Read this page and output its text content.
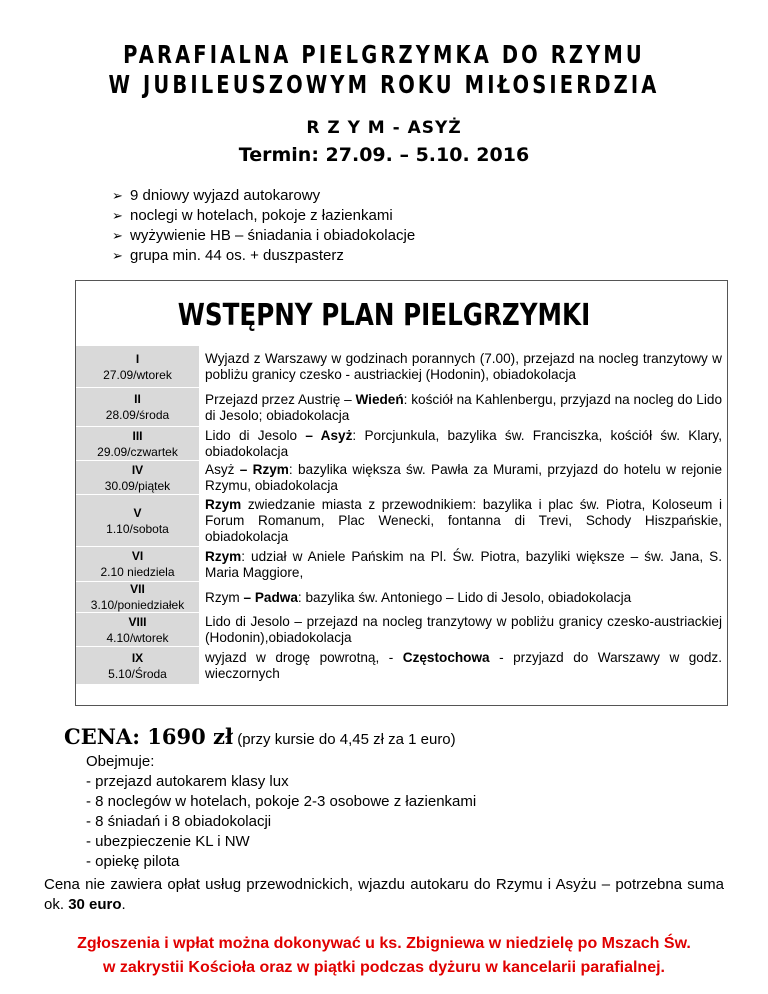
PARAFIALNA PIELGRZYMKA DO RZYMU
W JUBILEUSZOWYM ROKU MIŁOSIERDZIA
R Z Y M - ASYŻ
Termin: 27.09. – 5.10. 2016
➢ 9 dniowy wyjazd autokarowy
➢ noclegi w hotelach, pokoje z łazienkami
➢ wyżywienie HB – śniadania i obiadokolacje
➢ grupa min. 44 os. + duszpasterz
WSTĘPNY PLAN PIELGRZYMKI
I
27.09/wtorek
II
28.09/środa
III
29.09/czwartek
IV
30.09/piątek
V
1.10/sobota
VI
2.10 niedziela
VII
3.10/poniedziałek
VIII
4.10/wtorek
IX
5.10/Środa
Wyjazd z Warszawy w godzinach porannych (7.00), przejazd na nocleg tranzytowy w pobliżu granicy czesko - austriackiej (Hodonin), obiadokolacja
Przejazd przez Austrię – Wiedeń: kościół na Kahlenbergu, przyjazd na nocleg do Lido di Jesolo; obiadokolacja
Lido di Jesolo – Asyż: Porcjunkula, bazylika św. Franciszka, kościół św. Klary, obiadokolacja
Asyż – Rzym: bazylika większa św. Pawła za Murami, przyjazd do hotelu w rejonie Rzymu, obiadokolacja
Rzym zwiedzanie miasta z przewodnikiem: bazylika i plac św. Piotra, Koloseum i Forum Romanum, Plac Wenecki, fontanna di Trevi, Schody Hiszpańskie, obiadokolacja
Rzym: udział w Aniele Pańskim na Pl. Św. Piotra, bazyliki większe – św. Jana, S. Maria Maggiore,
Rzym – Padwa: bazylika św. Antoniego – Lido di Jesolo, obiadokolacja
Lido di Jesolo – przejazd na nocleg tranzytowy w pobliżu granicy czesko-austriackiej (Hodonin),obiadokolacja
wyjazd w drogę powrotną, - Częstochowa - przyjazd do Warszawy w godz. wieczornych
CENA: 1690 zł (przy kursie do 4,45 zł za 1 euro)
Obejmuje:
- przejazd autokarem klasy lux
- 8 noclegów w hotelach, pokoje 2-3 osobowe z łazienkami
- 8 śniadań i 8 obiadokolacji
- ubezpieczenie KL i NW
- opiekę pilota
Cena nie zawiera opłat usług przewodnickich, wjazdu autokaru do Rzymu i Asyżu – potrzebna suma ok. 30 euro.
Zgłoszenia i wpłat można dokonywać u ks. Zbigniewa w niedzielę po Mszach Św.
w zakrystii Kościoła oraz w piątki podczas dyżuru w kancelarii parafialnej.
